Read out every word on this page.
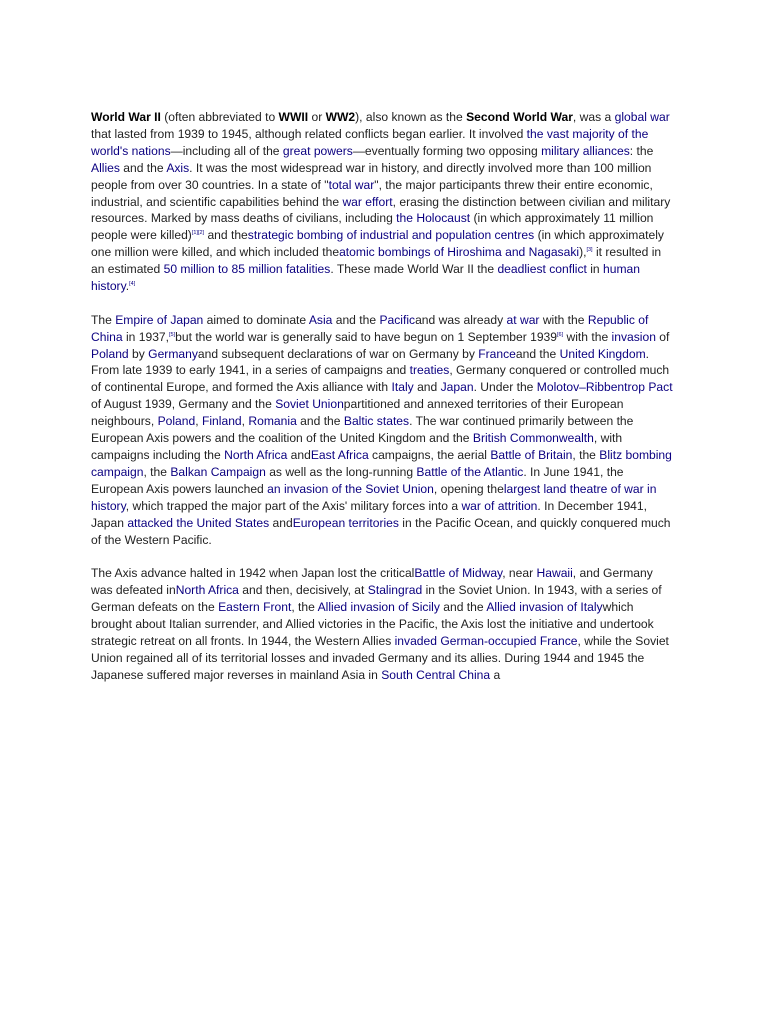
World War II (often abbreviated to WWII or WW2), also known as the Second World War, was a global war that lasted from 1939 to 1945, although related conflicts began earlier. It involved the vast majority of the world's nations—including all of the great powers—eventually forming two opposing military alliances: the Allies and the Axis. It was the most widespread war in history, and directly involved more than 100 million people from over 30 countries. In a state of "total war", the major participants threw their entire economic, industrial, and scientific capabilities behind the war effort, erasing the distinction between civilian and military resources. Marked by mass deaths of civilians, including the Holocaust (in which approximately 11 million people were killed)[1][2] and thestrategic bombing of industrial and population centres (in which approximately one million were killed, and which included theatomic bombings of Hiroshima and Nagasaki),[3] it resulted in an estimated 50 million to 85 million fatalities. These made World War II the deadliest conflict in human history.[4]

The Empire of Japan aimed to dominate Asia and the Pacificand was already at war with the Republic of China in 1937,[5]but the world war is generally said to have begun on 1 September 1939[6] with the invasion of Poland by Germanyand subsequent declarations of war on Germany by Franceand the United Kingdom. From late 1939 to early 1941, in a series of campaigns and treaties, Germany conquered or controlled much of continental Europe, and formed the Axis alliance with Italy and Japan. Under the Molotov–Ribbentrop Pact of August 1939, Germany and the Soviet Unionpartitioned and annexed territories of their European neighbours, Poland, Finland, Romania and the Baltic states. The war continued primarily between the European Axis powers and the coalition of the United Kingdom and the British Commonwealth, with campaigns including the North Africa andEast Africa campaigns, the aerial Battle of Britain, the Blitz bombing campaign, the Balkan Campaign as well as the long-running Battle of the Atlantic. In June 1941, the European Axis powers launched an invasion of the Soviet Union, opening thelargest land theatre of war in history, which trapped the major part of the Axis' military forces into a war of attrition. In December 1941, Japan attacked the United States andEuropean territories in the Pacific Ocean, and quickly conquered much of the Western Pacific.

The Axis advance halted in 1942 when Japan lost the criticalBattle of Midway, near Hawaii, and Germany was defeated inNorth Africa and then, decisively, at Stalingrad in the Soviet Union. In 1943, with a series of German defeats on the Eastern Front, the Allied invasion of Sicily and the Allied invasion of Italywhich brought about Italian surrender, and Allied victories in the Pacific, the Axis lost the initiative and undertook strategic retreat on all fronts. In 1944, the Western Allies invaded German-occupied France, while the Soviet Union regained all of its territorial losses and invaded Germany and its allies. During 1944 and 1945 the Japanese suffered major reverses in mainland Asia in South Central China a
